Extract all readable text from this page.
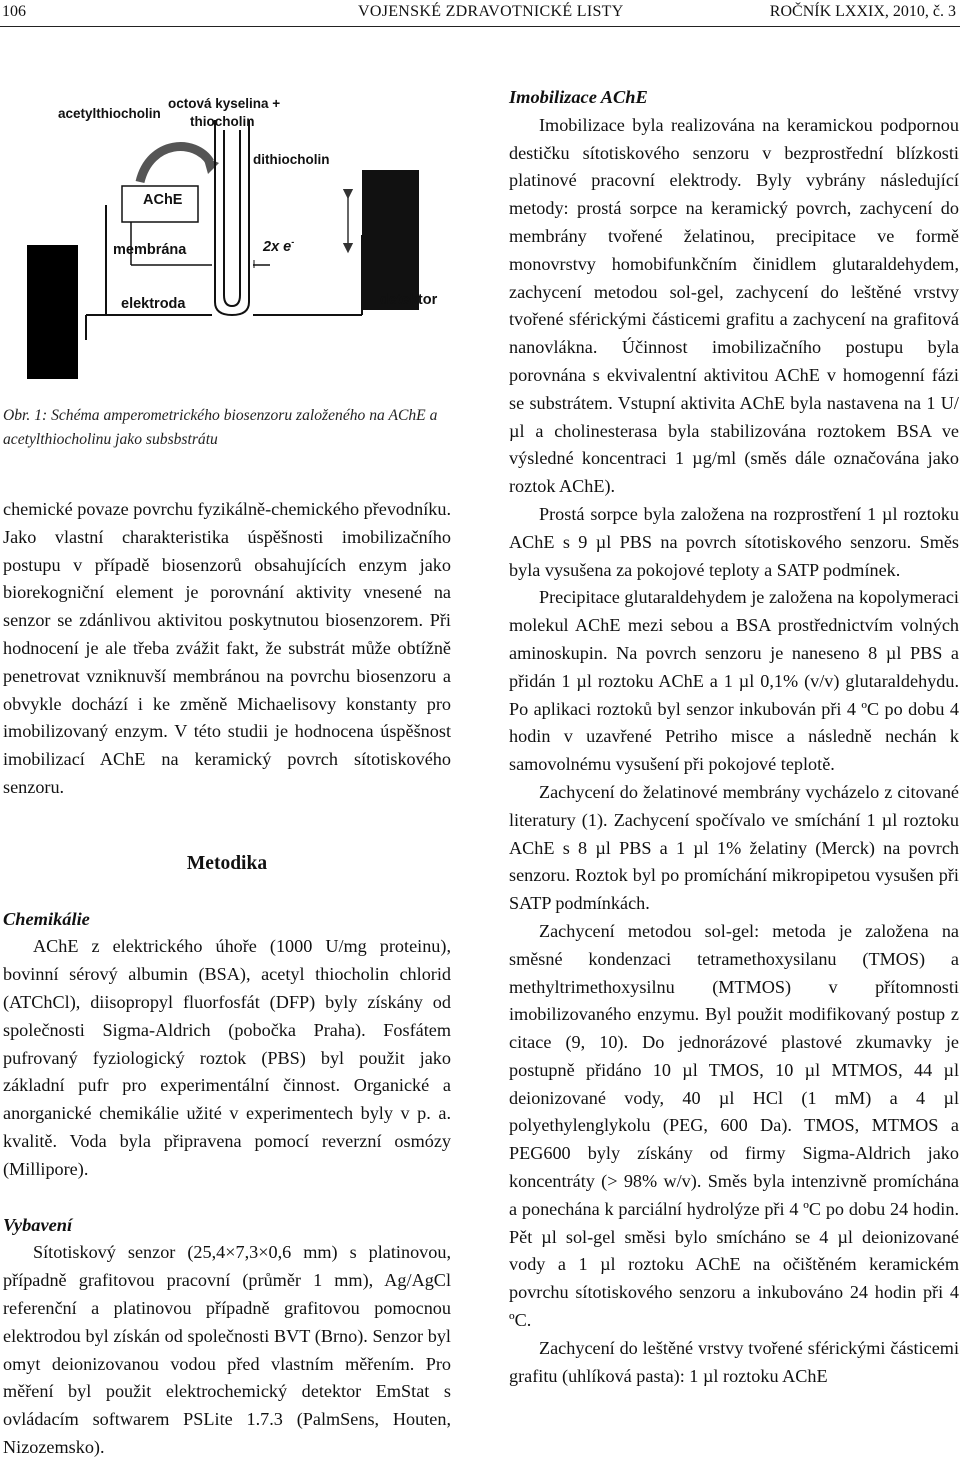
106	VOJENSKÉ ZDRAVOTNICKÉ LISTY	ROČNÍK LXXIX, 2010, č. 3
acetylthiocholin
octová kyselina +
thiocholin
dithiocholin
AChE
membrána	2x e-
elektroda	detektor
Obr. 1: Schéma amperometrického biosenzoru založeného na AChE a acetylthiocholinu jako subsbstrátu

chemické povaze povrchu fyzikálně-chemického převodníku. Jako vlastní charakteristika úspěšnosti imobilizačního postupu v případě biosenzorů obsahujících enzym jako biorekogniční element je porovnání aktivity vnesené na senzor se zdánlivou aktivitou poskytnutou biosenzorem. Při hodnocení je ale třeba zvážit fakt, že substrát může obtížně penetrovat vzniknuvší membránou na povrchu biosenzoru a obvykle dochází i ke změně Michaelisovy konstanty pro imobilizovaný enzym. V této studii je hodnocena úspěšnost imobilizací AChE na keramický povrch sítotiskového senzoru.

Metodika

Chemikálie

AChE z elektrického úhoře (1000 U/mg proteinu), bovinní sérový albumin (BSA), acetyl thiocholin chlorid (ATChCl), diisopropyl fluorfosfát (DFP) byly získány od společnosti Sigma-Aldrich (pobočka Praha). Fosfátem pufrovaný fyziologický roztok (PBS) byl použit jako základní pufr pro experimentální činnost. Organické a anorganické chemikálie užité v experimentech byly v p. a. kvalitě. Voda byla připravena pomocí reverzní osmózy (Millipore).

Vybavení

Sítotiskový senzor (25,4×7,3×0,6 mm) s platinovou, případně grafitovou pracovní (průměr 1 mm), Ag/AgCl referenční a platinovou případně grafitovou pomocnou elektrodou byl získán od společnosti BVT (Brno). Senzor byl omyt deionizovanou vodou před vlastním měřením. Pro měření byl použit elektrochemický detektor EmStat s ovládacím softwarem PSLite 1.7.3 (PalmSens, Houten, Nizozemsko).

Imobilizace AChE

Imobilizace byla realizována na keramickou podpornou destičku sítotiskového senzoru v bezprostřední blízkosti platinové pracovní elektrody. Byly vybrány následující metody: prostá sorpce na keramický povrch, zachycení do membrány tvořené želatinou, precipitace ve formě monovrstvy homobifunkčním činidlem glutaraldehydem, zachycení metodou sol-gel, zachycení do leštěné vrstvy tvořené sférickými částicemi grafitu a zachycení na grafitová nanovlákna. Účinnost imobilizačního postupu byla porovnána s ekvivalentní aktivitou AChE v homogenní fázi se substrátem. Vstupní aktivita AChE byla nastavena na 1 U/µl a cholinesterasa byla stabilizována roztokem BSA ve výsledné koncentraci 1 µg/ml (směs dále označována jako roztok AChE).

Prostá sorpce byla založena na rozprostření 1 µl roztoku AChE s 9 µl PBS na povrch sítotiskového senzoru. Směs byla vysušena za pokojové teploty a SATP podmínek.

Precipitace glutaraldehydem je založena na kopolymeraci molekul AChE mezi sebou a BSA prostřednictvím volných aminoskupin. Na povrch senzoru je naneseno 8 µl PBS a přidán 1 µl roztoku AChE a 1 µl 0,1% (v/v) glutaraldehydu. Po aplikaci roztoků byl senzor inkubován při 4 ºC po dobu 4 hodin v uzavřené Petriho misce a následně nechán k samovolnému vysušení při pokojové teplotě.

Zachycení do želatinové membrány vycházelo z citované literatury (1). Zachycení spočívalo ve smíchání 1 µl roztoku AChE s 8 µl PBS a 1 µl 1% želatiny (Merck) na povrch senzoru. Roztok byl po promíchání mikropipetou vysušen při SATP podmínkách.

Zachycení metodou sol-gel: metoda je založena na směsné kondenzaci tetramethoxysilanu (TMOS) a methyltrimethoxysilnu (MTMOS) v přítomnosti imobilizovaného enzymu. Byl použit modifikovaný postup z citace (9, 10). Do jednorázové plastové zkumavky je postupně přidáno 10 µl TMOS, 10 µl MTMOS, 44 µl deionizované vody, 40 µl HCl (1 mM) a 4 µl polyethylenglykolu (PEG, 600 Da). TMOS, MTMOS a PEG600 byly získány od firmy Sigma-Aldrich jako koncentráty (> 98% w/v). Směs byla intenzivně promíchána a ponechána k parciální hydrolýze při 4 ºC po dobu 24 hodin. Pět µl sol-gel směsi bylo smícháno se 4 µl deionizované vody a 1 µl roztoku AChE na očištěném keramickém povrchu sítotiskového senzoru a inkubováno 24 hodin při 4 ºC.

Zachycení do leštěné vrstvy tvořené sférickými částicemi grafitu (uhlíková pasta): 1 µl roztoku AChE
